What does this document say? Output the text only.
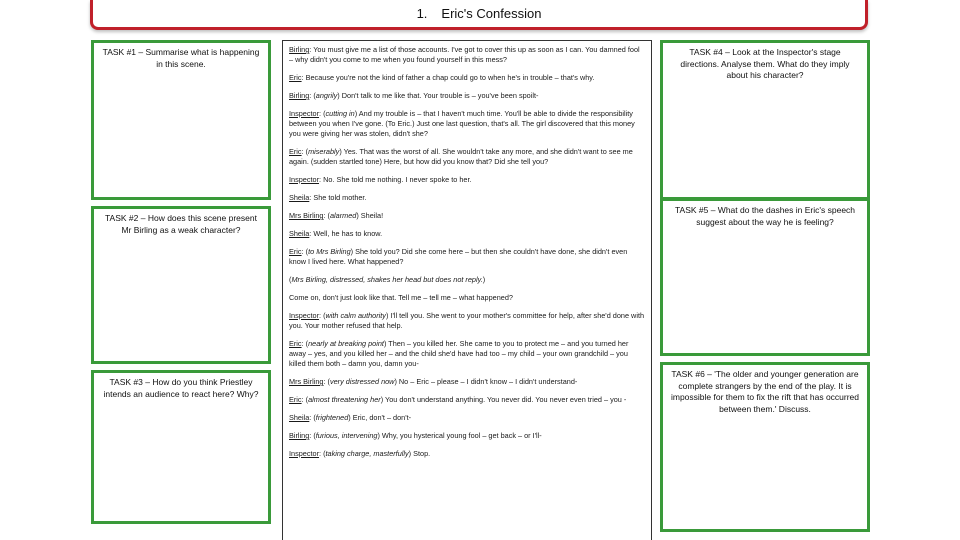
1. Eric's Confession
TASK #1 – Summarise what is happening in this scene.
TASK #2 – How does this scene present Mr Birling as a weak character?
TASK #3 – How do you think Priestley intends an audience to react here? Why?
TASK #4 – Look at the Inspector's stage directions. Analyse them. What do they imply about his character?
TASK #5 – What do the dashes in Eric's speech suggest about the way he is feeling?
TASK #6 – 'The older and younger generation are complete strangers by the end of the play. It is impossible for them to fix the rift that has occurred between them.' Discuss.

Birling: You must give me a list of those accounts. I've got to cover this up as soon as I can. You damned fool – why didn't you come to me when you found yourself in this mess?

Eric: Because you're not the kind of father a chap could go to when he's in trouble – that's why.

Birling: (angrily) Don't talk to me like that. Your trouble is – you've been spoilt-

Inspector: (cutting in) And my trouble is – that I haven't much time. You'll be able to divide the responsibility between you when I've gone. (To Eric.) Just one last question, that's all. The girl discovered that this money you were giving her was stolen, didn't she?

Eric: (miserably) Yes. That was the worst of all. She wouldn't take any more, and she didn't want to see me again. (sudden startled tone) Here, but how did you know that? Did she tell you?

Inspector: No. She told me nothing. I never spoke to her.

Sheila: She told mother.

Mrs Birling: (alarmed) Sheila!

Sheila: Well, he has to know.

Eric: (to Mrs Birling) She told you? Did she come here – but then she couldn't have done, she didn't even know I lived here. What happened?

(Mrs Birling, distressed, shakes her head but does not reply.)

Come on, don't just look like that. Tell me – tell me – what happened?

Inspector: (with calm authority) I'll tell you. She went to your mother's committee for help, after she'd done with you. Your mother refused that help.

Eric: (nearly at breaking point) Then – you killed her. She came to you to protect me – and you turned her away – yes, and you killed her – and the child she'd have had too – my child – your own grandchild – you killed them both – damn you, damn you-

Mrs Birling: (very distressed now) No – Eric – please – I didn't know – I didn't understand-

Eric: (almost threatening her) You don't understand anything. You never did. You never even tried – you -

Sheila: (frightened) Eric, don't – don't-

Birling: (furious, intervening) Why, you hysterical young fool – get back – or I'll-

Inspector: (taking charge, masterfully) Stop.
